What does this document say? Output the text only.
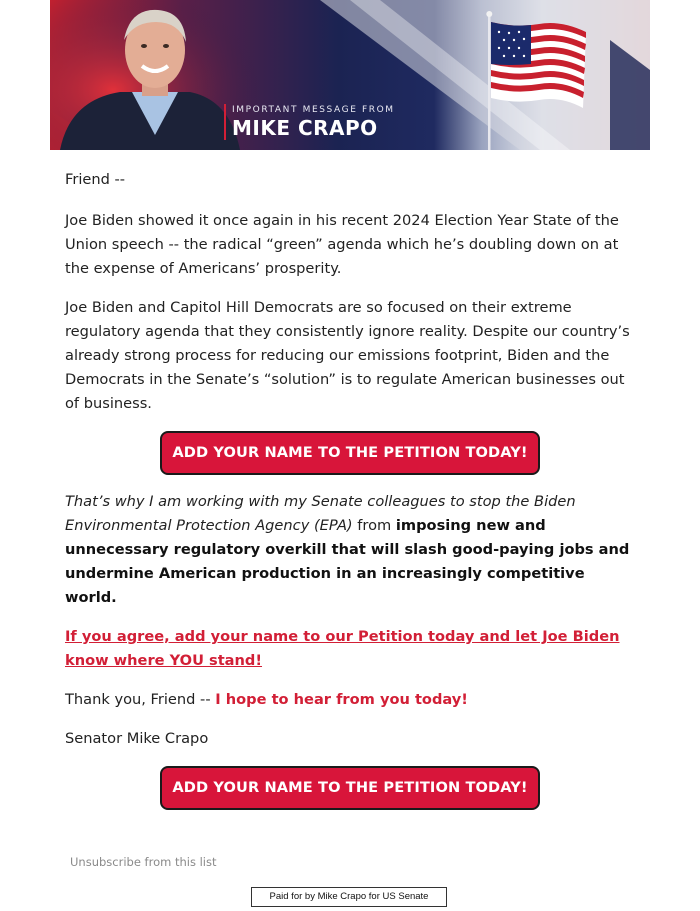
IMPORTANT MESSAGE FROM
MIKE CRAPO

Friend --

Joe Biden showed it once again in his recent 2024 Election Year State of the Union speech -- the radical “green” agenda which he’s doubling down on at the expense of Americans’ prosperity.

Joe Biden and Capitol Hill Democrats are so focused on their extreme regulatory agenda that they consistently ignore reality. Despite our country’s already strong process for reducing our emissions footprint, Biden and the Democrats in the Senate’s “solution” is to regulate American businesses out of business.

ADD YOUR NAME TO THE PETITION TODAY!

That’s why I am working with my Senate colleagues to stop the Biden Environmental Protection Agency (EPA) from imposing new and unnecessary regulatory overkill that will slash good-paying jobs and undermine American production in an increasingly competitive world.

If you agree, add your name to our Petition today and let Joe Biden know where YOU stand!

Thank you, Friend -- I hope to hear from you today!

Senator Mike Crapo

ADD YOUR NAME TO THE PETITION TODAY!
Unsubscribe from this list
Paid for by Mike Crapo for US Senate
